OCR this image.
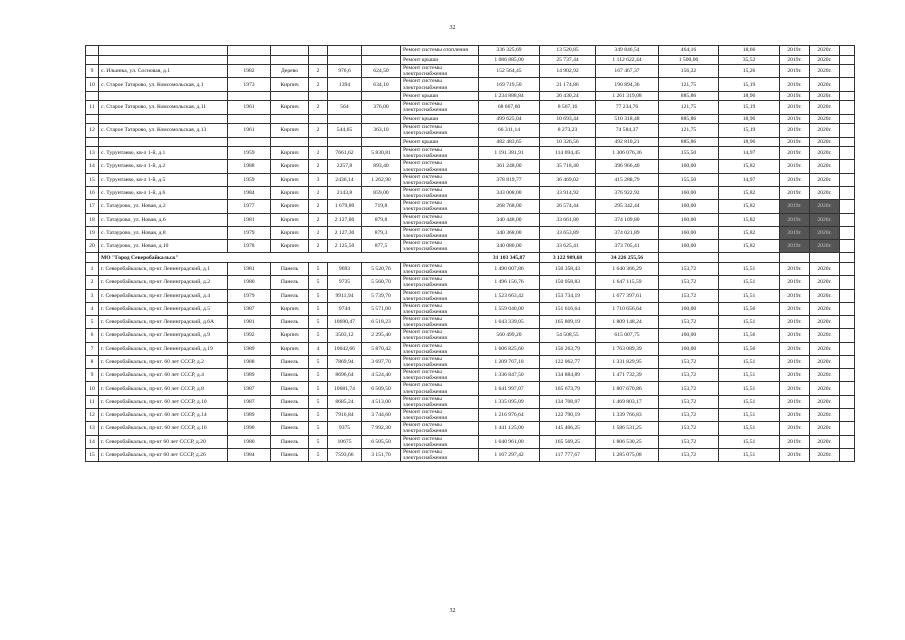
32
							Ремонт системы отопления	336 325,69	13 520,85	349 846,54	464,16	18,66	2019г.	2020г.	
							Ремонт крыши	1 086 885,00	25 737,44	1 112 622,44	1 500,00	35,52	2019г.	2020г.	
9	с. Ильинка, ул. Сосновая, д.1	1982	Дерево	2	976,6	624,50	Ремонт системы электроснабжения	152 564,45	14 902,92	167 467,37	156,22	15,26	2019г.	2020г.	
10	с. Старое Татарово, ул. Комсомольская, д.1	1973	Кирпич	2	1394	634,10	Ремонт системы электроснабжения	169 719,50	21 174,86	190 894,36	121,75	15,19	2019г.	2020г.	
							Ремонт крыши	1 234 888,84	26 430,24	1 261 319,08	885,86	18,96	2019г.	2020г.	
11	с. Старое Татарово, ул. Комсомольская, д.11	1961	Кирпич	2	564	376,00	Ремонт системы электроснабжения	68 667,60	8 567,16	77 234,76	121,75	15,19	2019г.	2020г.	
							Ремонт крыши	499 625,04	10 693,44	510 318,48	885,86	18,96	2019г.	2020г.	
12	с. Старое Татарово, ул. Комсомольская, д.13	1961	Кирпич	2	544,65	363,10	Ремонт системы электроснабжения	66 311,14	8 273,23	74 584,37	121,75	15,19	2019г.	2020г.	
							Ремонт крыши	482 483,65	10 326,56	492 810,21	885,86	18,96	2019г.	2020г.	
13	с. Турунтаево, кв-л 1-й, д.1	1959	Кирпич	2	7661,62	5 830,81	Ремонт системы электроснабжения	1 191 381,91	114 694,45	1 306 076,36	155,50	14,97	2019г.	2020г.	
14	с. Турунтаево, кв-л 1-й, д.2	1988	Кирпич	2	2257,8	893,40	Ремонт системы электроснабжения	361 248,00	35 718,40	396 966,40	160,00	15,82	2019г.	2020г.	
15	с. Турунтаево, кв-л 1-й, д.5	1959	Кирпич	3	2436,14	1 262,90	Ремонт системы электроснабжения	378 819,77	36 469,02	415 288,79	155,50	14,97	2019г.	2020г.	
16	с. Турунтаево, кв-л 1-й, д.6	1984	Кирпич	2	2143,8	859,00	Ремонт системы электроснабжения	343 008,00	33 914,92	376 922,92	160,00	15,82	2019г.	2020г.	
17	с. Татаурово, ул. Новая, д.2	1977	Кирпич	2	1 679,80	719,8	Ремонт системы электроснабжения	268 768,00	26 574,44	295 342,44	160,00	15,82	2019г.	2020г.	
18	с. Татаурово, ул. Новая, д.6	1981	Кирпич	2	2 127,80	879,8	Ремонт системы электроснабжения	340 448,00	33 661,80	374 109,80	160,00	15,82	2019г.	2020г.	
19	с. Татаурово, ул. Новая, д.8	1979	Кирпич	2	2 127,30	879,3	Ремонт системы электроснабжения	340 368,00	33 653,89	374 021,89	160,00	15,82	2019г.	2020г.	
20	с. Татаурово, ул. Новая, д.10	1978	Кирпич	2	2 125,50	877,5	Ремонт системы электроснабжения	340 080,00	33 625,41	373 705,41	160,00	15,82	2019г.	2020г.	
	МО "Город Северобайкальск"							31 103 345,87	3 122 909,68	34 226 255,56					
1	г. Северобайкальск, пр-кт Ленинградский, д.1	1981	Панель	5	9693	5 520,76	Ремонт системы электроснабжения	1 490 007,86	150 358,43	1 640 366,29	153,72	15,51	2019г.	2020г.	
2	г. Северобайкальск, пр-кт Ленинградский, д.2	1980	Панель	5	9735	5 560,70	Ремонт системы электроснабжения	1 496 156,76	150 958,83	1 647 115,59	153,72	15,51	2019г.	2020г.	
3	г. Северобайкальск, пр-кт Ленинградский, д.4	1979	Панель	5	9911,94	5 739,70	Ремонт системы электроснабжения	1 523 663,42	153 734,19	1 677 397,61	153,72	15,51	2019г.	2020г.	
4	г. Северобайкальск, пр-кт Ленинградский, д.5	1987	Кирпич	5	9744	5 571,00	Ремонт системы электроснабжения	1 559 040,00	151 616,64	1 710 656,64	160,00	15,56	2019г.	2020г.	
5	г. Северобайкальск, пр-кт Ленинградский, д.6А	1981	Панель	5	10690,47	6 518,23	Ремонт системы электроснабжения	1 643 339,05	165 809,19	1 809 148,24	153,72	15,51	2019г.	2020г.	
6	г. Северобайкальск, пр-кт Ленинградский, д.9	1992	Кирпич	5	3503,12	2 295,40	Ремонт системы электроснабжения	560 499,20	54 508,55	615 007,75	160,00	15,56	2019г.	2020г.	
7	г. Северобайкальск, пр-кт Ленинградский, д.19	1989	Кирпич	4	10042,66	5 870,42	Ремонт системы электроснабжения	1 606 825,60	156 263,79	1 763 089,39	160,00	15,56	2019г.	2020г.	
8	г. Северобайкальск, пр-кт. 60 лет СССР, д.2	1988	Панель	5	7869,94	3 697,70	Ремонт системы электроснабжения	1 209 767,18	122 062,77	1 331 829,95	153,72	15,51	2019г.	2020г.	
9	г. Северобайкальск, пр-кт. 60 лет СССР, д.4	1989	Панель	5	8696,64	4 524,40	Ремонт системы электроснабжения	1 336 847,50	134 884,89	1 471 732,39	153,72	15,51	2019г.	2020г.	
10	г. Северобайкальск, пр-кт. 60 лет СССР, д.8	1987	Панель	5	10681,74	6 509,50	Ремонт системы электроснабжения	1 641 997,07	165 673,79	1 807 670,86	153,72	15,51	2019г.	2020г.	
11	г. Северобайкальск, пр-кт. 60 лет СССР, д.10	1987	Панель	5	8685,24	4 513,00	Ремонт системы электроснабжения	1 335 095,09	134 708,07	1 469 803,17	153,72	15,51	2019г.	2020г.	
12	г. Северобайкальск, пр-кт. 60 лет СССР, д.14	1989	Панель	5	7916,84	3 744,60	Ремонт системы электроснабжения	1 216 976,64	122 790,19	1 339 766,83	153,72	15,51	2019г.	2020г.	
13	г. Северобайкальск, пр-кт. 60 лет СССР, д.16	1990	Панель	5	9375	7 992,30	Ремонт системы электроснабжения	1 441 125,00	145 406,25	1 586 531,25	153,72	15,51	2019г.	2020г.	
14	г. Северобайкальск, пр-кт 60 лет СССР, д.20	1980	Панель	5	10675	6 505,50	Ремонт системы электроснабжения	1 640 961,00	165 569,25	1 806 530,25	153,72	15,51	2019г.	2020г.	
15	г. Северобайкальск, пр-кт 60 лет СССР, д.26	1984	Панель	5	7593,66	3 151,70	Ремонт системы электроснабжения	1 167 297,42	117 777,67	1 285 075,08	153,72	15,51	2019г.	2020г.	
32
